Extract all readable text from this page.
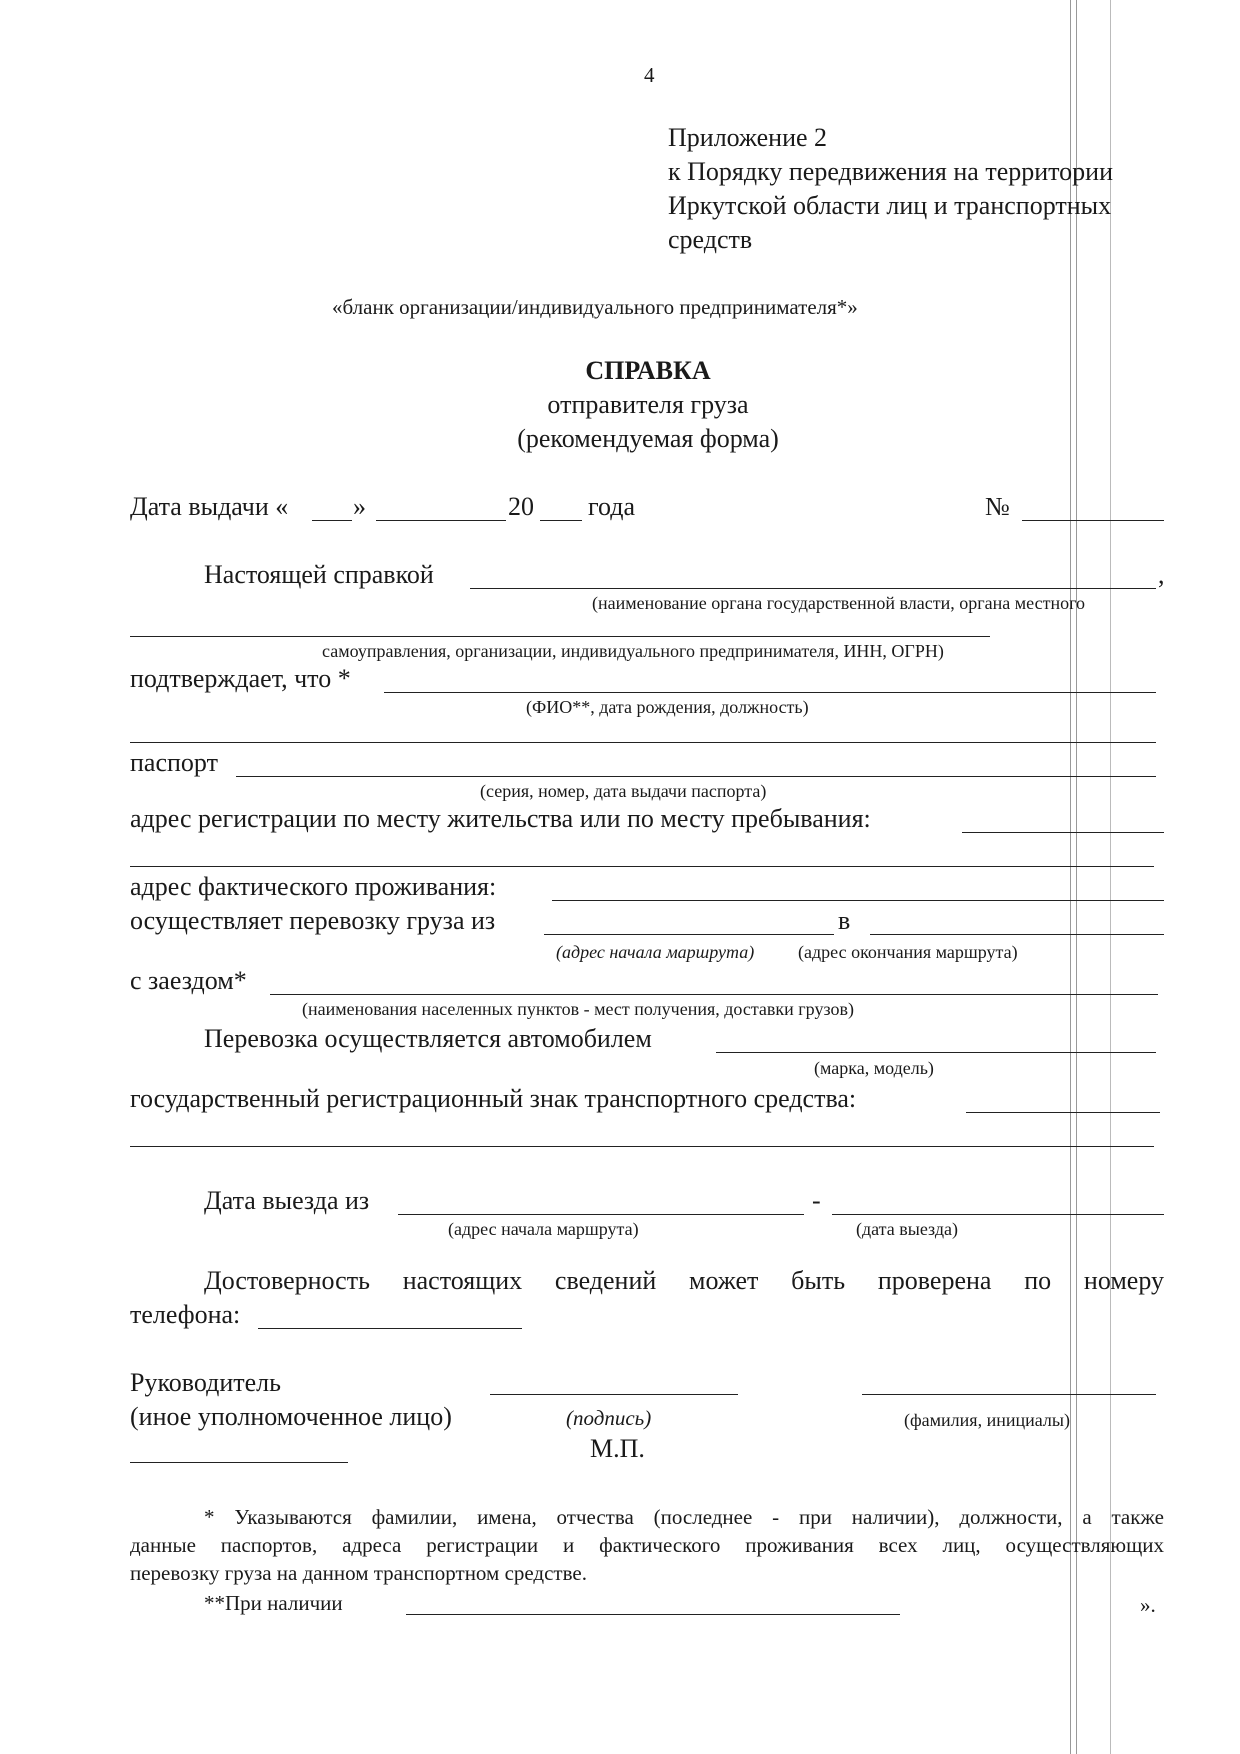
4
Приложение 2
к Порядку передвижения на территории
Иркутской области лиц и транспортных
средств
«бланк организации/индивидуального предпринимателя*»
СПРАВКА
отправителя груза
(рекомендуемая форма)
Дата выдачи « »	20 года	№
Настоящей справкой	,
(наименование органа государственной власти, органа местного
самоуправления, организации, индивидуального предпринимателя, ИНН, ОГРН)
подтверждает, что *
(ФИО**, дата рождения, должность)
паспорт
(серия, номер, дата выдачи паспорта)
адрес регистрации по месту жительства или по месту пребывания:
адрес фактического проживания:
осуществляет перевозку груза из	в
(адрес начала маршрута) (адрес окончания маршрута)
с заездом*
(наименования населенных пунктов - мест получения, доставки грузов)
Перевозка осуществляется автомобилем
(марка, модель)
государственный регистрационный знак транспортного средства:
Дата выезда из	-
(адрес начала маршрута)	(дата выезда)
Достоверность настоящих сведений может быть проверена по номеру
телефона:
Руководитель
(иное уполномоченное лицо)	(подпись)	(фамилия, инициалы)
М.П.
* Указываются фамилии, имена, отчества (последнее - при наличии), должности, а также
данные паспортов, адреса регистрации и фактического проживания всех лиц, осуществляющих
перевозку груза на данном транспортном средстве.
**При наличии	».
